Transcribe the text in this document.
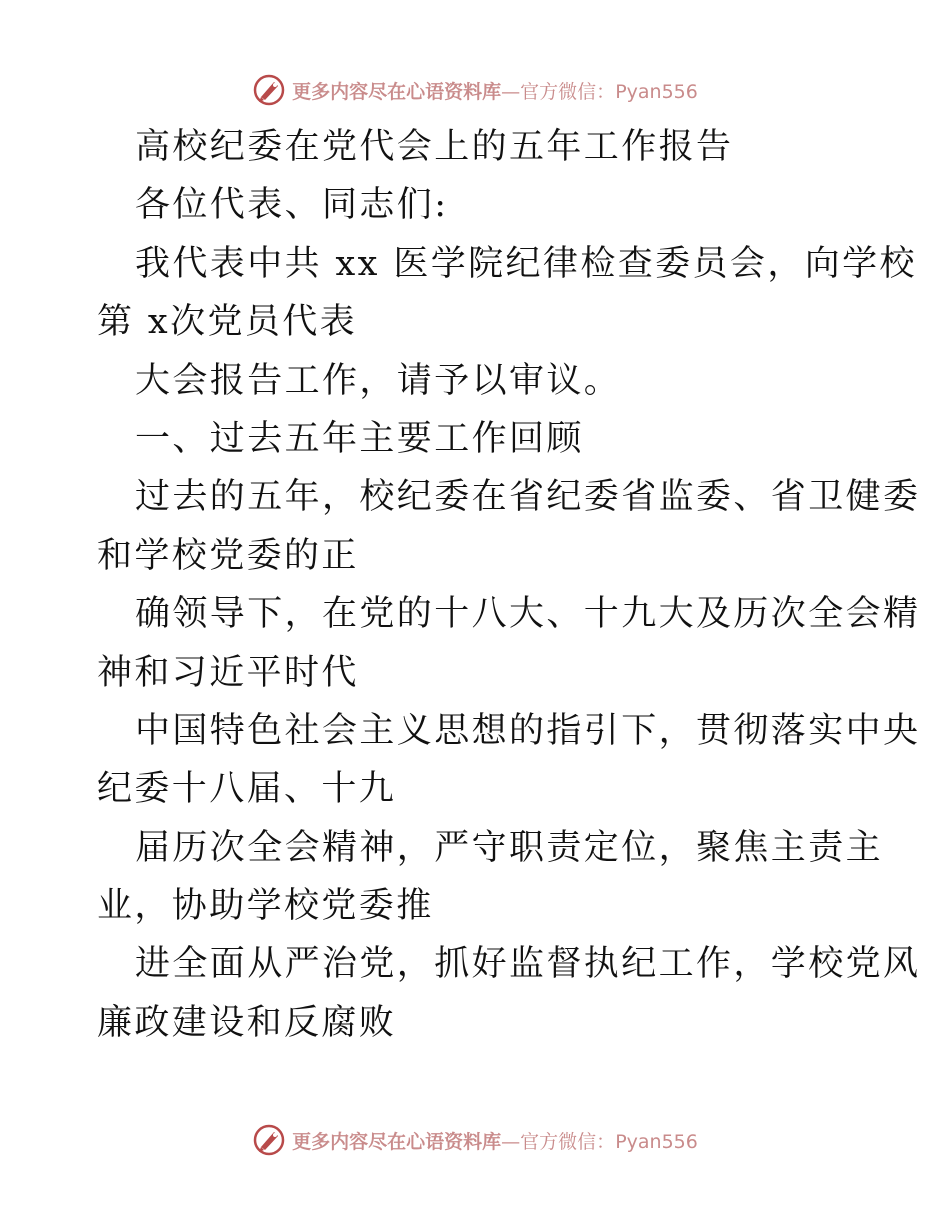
更多内容尽在心语资料库—官方微信：Pyan556
高校纪委在党代会上的五年工作报告
各位代表、同志们:
我代表中共 xx 医学院纪律检查委员会，向学校
第 x次党员代表
大会报告工作，请予以审议。
一、过去五年主要工作回顾
过去的五年，校纪委在省纪委省监委、省卫健委
和学校党委的正
确领导下，在党的十八大、十九大及历次全会精
神和习近平时代
中国特色社会主义思想的指引下，贯彻落实中央
纪委十八届、十九
届历次全会精神，严守职责定位，聚焦主责主
业，协助学校党委推
进全面从严治党，抓好监督执纪工作，学校党风
廉政建设和反腐败
更多内容尽在心语资料库—官方微信：Pyan556
